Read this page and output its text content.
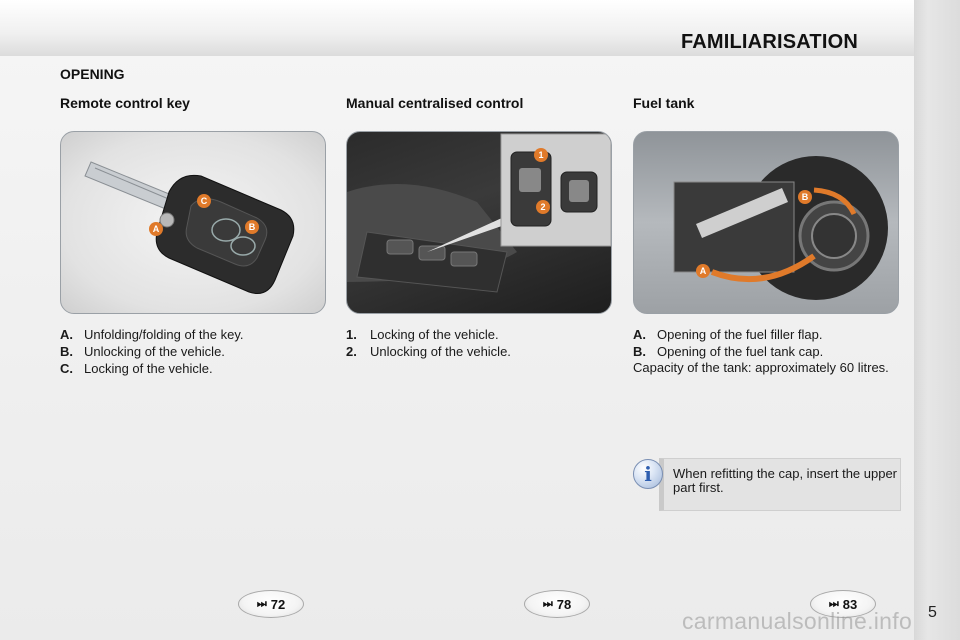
FAMILIARISATION
OPENING
Remote control key
A	B
C
A. Unfolding/folding of the key.
B. Unlocking of the vehicle.
C. Locking of the vehicle.
Manual centralised control
1
2
1.	Locking of the vehicle.
2.	Unlocking of the vehicle.
Fuel tank
A
B
A. Opening of the fuel filler flap.
B. Opening of the fuel tank cap.
Capacity of the tank: approximately 60 litres.
i	When refitting the cap, insert the upper part first.
⏭ 72	⏭ 78	⏭ 83
carmanualsonline.info 5
